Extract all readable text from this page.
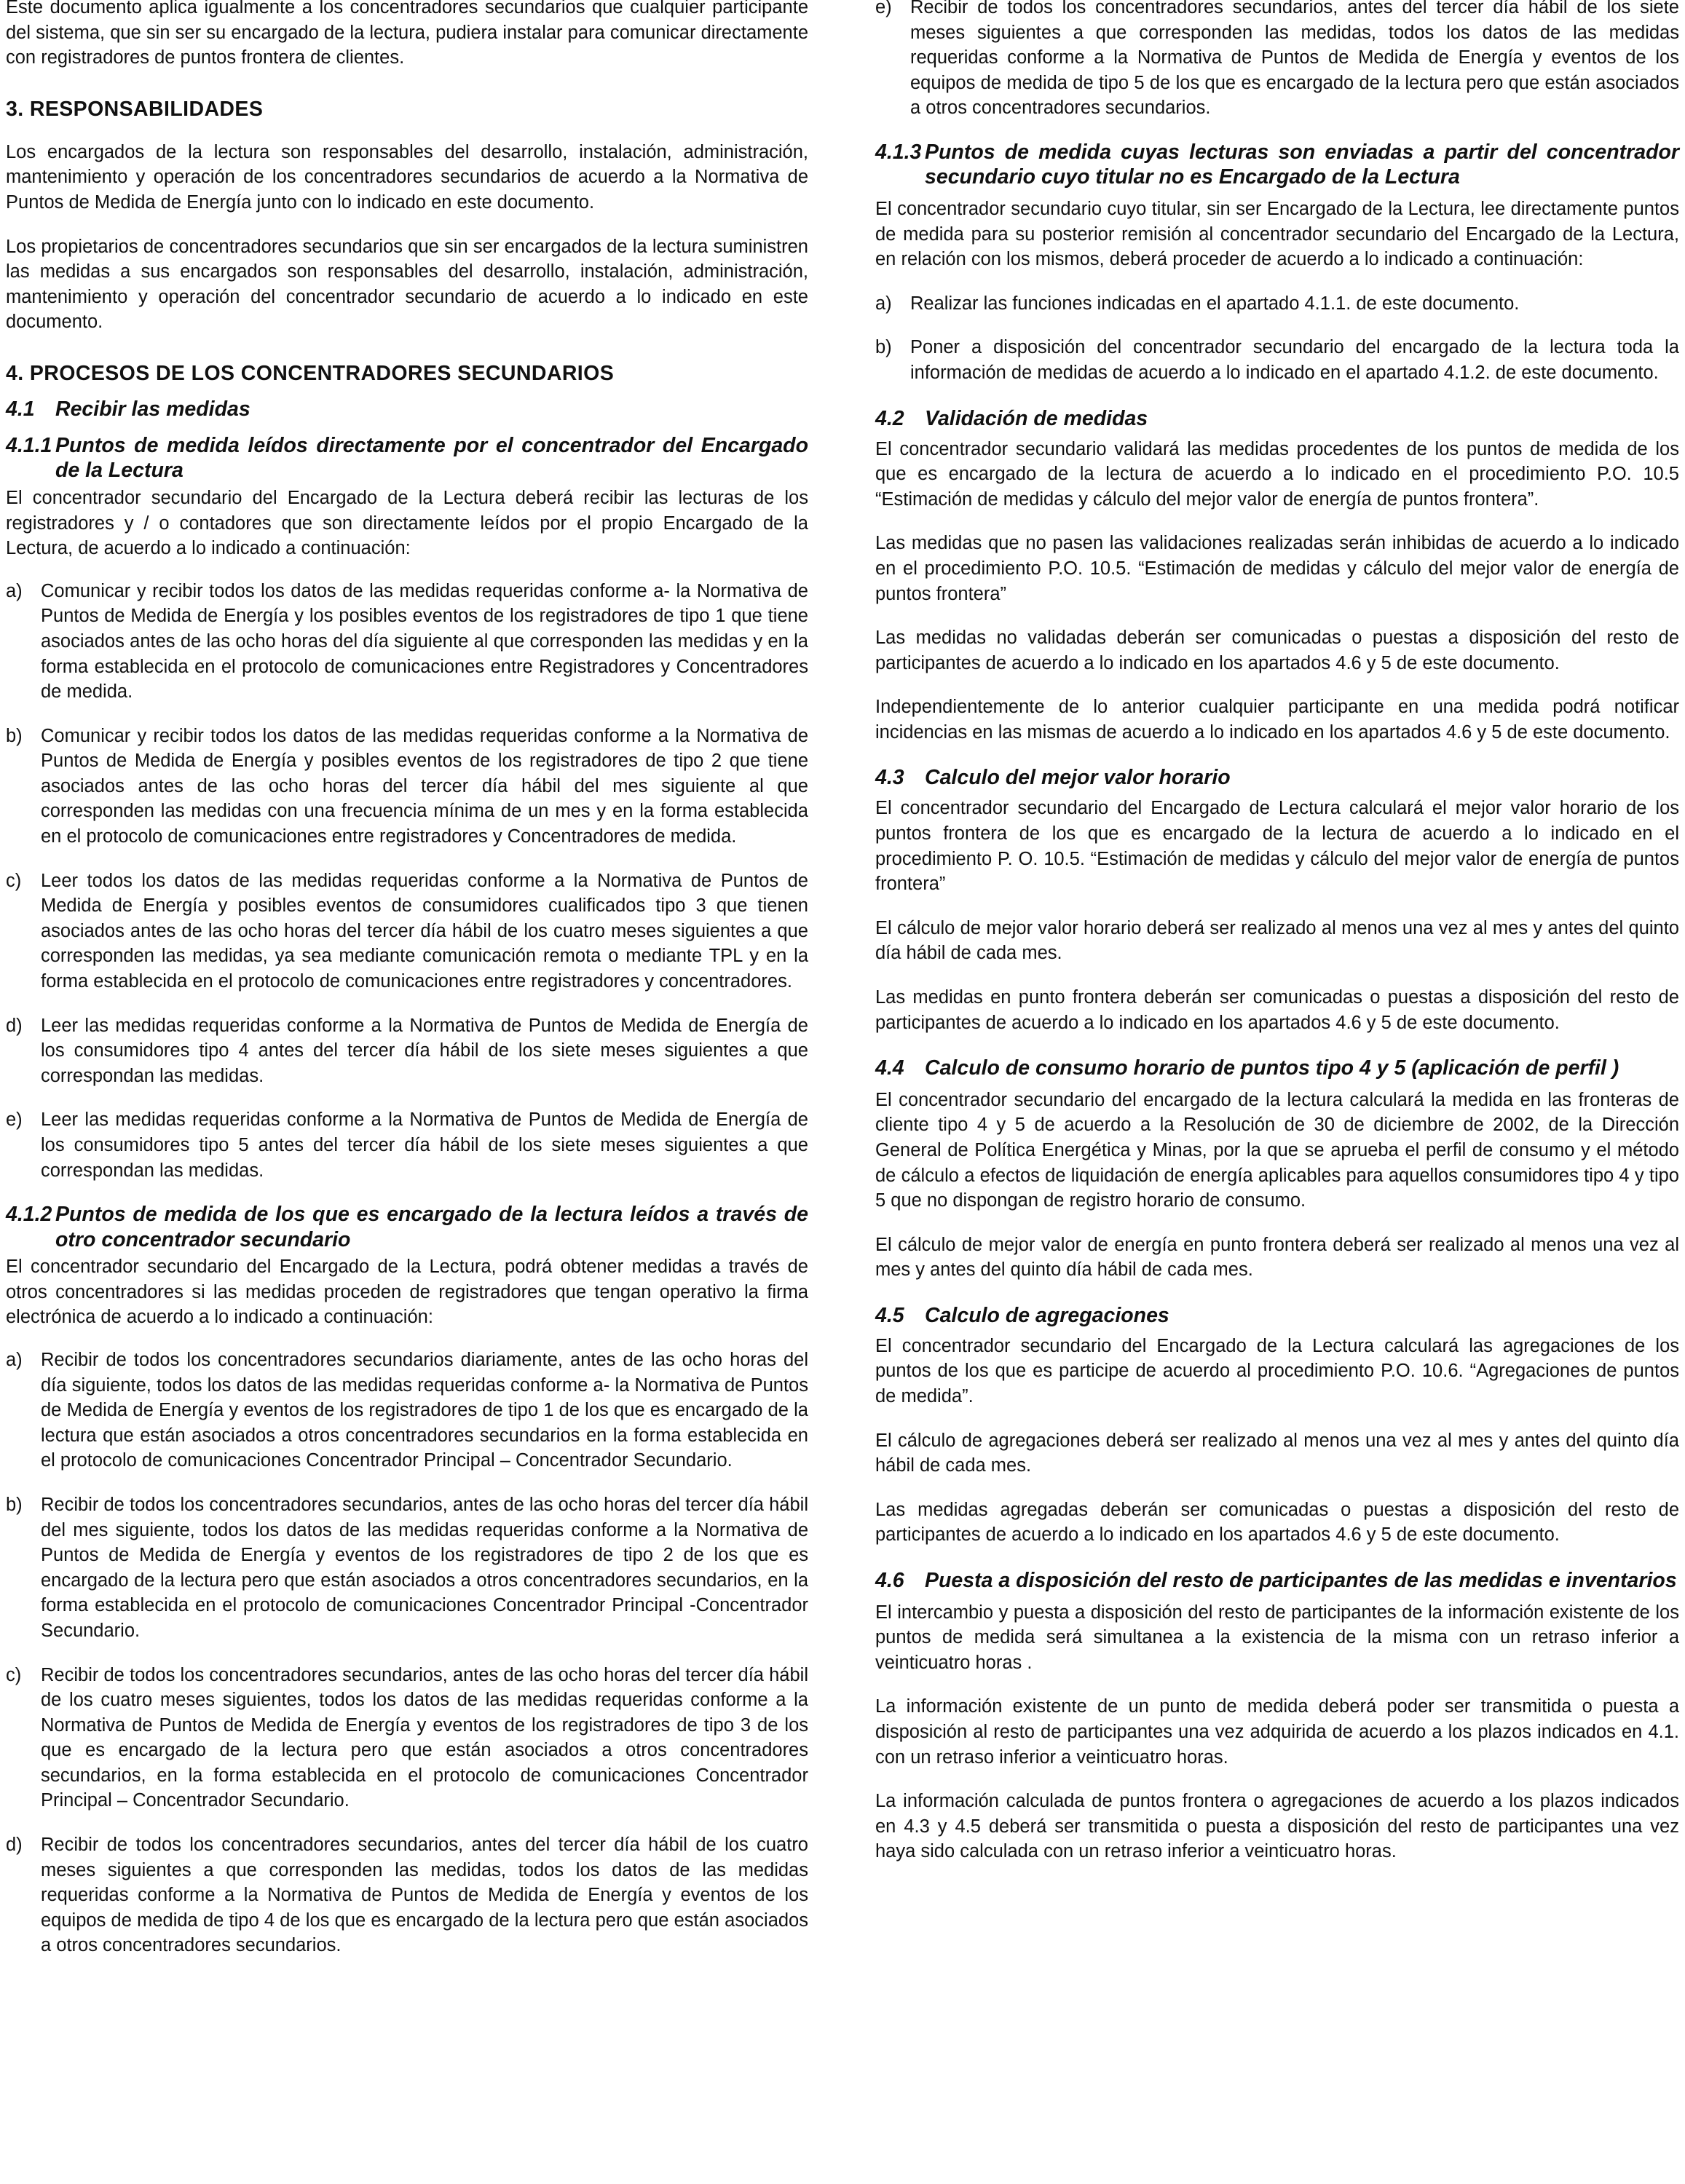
Este documento aplica igualmente a los concentradores secundarios que cualquier participante del sistema, que sin ser su encargado de la lectura, pudiera instalar para comunicar directamente con registradores de puntos frontera de clientes.

3. RESPONSABILIDADES

Los encargados de la lectura son responsables del desarrollo, instalación, administración, mantenimiento y operación de los concentradores secundarios de acuerdo a la Normativa de Puntos de Medida de Energía junto con lo indicado en este documento.

Los propietarios de concentradores secundarios que sin ser encargados de la lectura suministren las medidas a sus encargados son responsables del desarrollo, instalación, administración, mantenimiento y operación del concentrador secundario de acuerdo a lo indicado en este documento.

4. PROCESOS DE LOS CONCENTRADORES SECUNDARIOS
4.1 Recibir las medidas
4.1.1 Puntos de medida leídos directamente por el concentrador del Encargado de la Lectura

El concentrador secundario del Encargado de la Lectura deberá recibir las lecturas de los registradores y / o contadores que son directamente leídos por el propio Encargado de la Lectura, de acuerdo a lo indicado a continuación:

a) Comunicar y recibir todos los datos de las medidas requeridas conforme a- la Normativa de Puntos de Medida de Energía y los posibles eventos de los registradores de tipo 1 que tiene asociados antes de las ocho horas del día siguiente al que corresponden las medidas y en la forma establecida en el protocolo de comunicaciones entre Registradores y Concentradores de medida.

b) Comunicar y recibir todos los datos de las medidas requeridas conforme a la Normativa de Puntos de Medida de Energía y posibles eventos de los registradores de tipo 2 que tiene asociados antes de las ocho horas del tercer día hábil del mes siguiente al que corresponden las medidas con una frecuencia mínima de un mes y en la forma establecida en el protocolo de comunicaciones entre registradores y Concentradores de medida.

c)	Leer todos los datos de las medidas requeridas conforme a la Normativa de Puntos de Medida de Energía y posibles eventos de consumidores cualificados tipo 3 que tienen asociados antes de las ocho horas del tercer día hábil de los cuatro meses siguientes a que corresponden las medidas, ya sea mediante comunicación remota o mediante TPL y en la forma establecida en el protocolo de comunicaciones entre registradores y concentradores.

d) Leer las medidas requeridas conforme a la Normativa de Puntos de Medida de Energía de los consumidores tipo 4 antes del tercer día hábil de los siete meses siguientes a que correspondan las medidas.

e) Leer las medidas requeridas conforme a la Normativa de Puntos de Medida de Energía de los consumidores tipo 5 antes del tercer día hábil de los siete meses siguientes a que correspondan las medidas.

4.1.2 Puntos de medida de los que es encargado de la lectura leídos a través de otro concentrador secundario

El concentrador secundario del Encargado de la Lectura, podrá obtener medidas a través de otros concentradores si las medidas proceden de registradores que tengan operativo la firma electrónica de acuerdo a lo indicado a continuación:

a) Recibir de todos los concentradores secundarios diariamente, antes de las ocho horas del día siguiente, todos los datos de las medidas requeridas conforme a- la Normativa de Puntos de Medida de Energía y eventos de los registradores de tipo 1 de los que es encargado de la lectura que están asociados a otros concentradores secundarios en la forma establecida en el protocolo de comunicaciones Concentrador Principal – Concentrador Secundario.

b) Recibir de todos los concentradores secundarios, antes de las ocho horas del tercer día hábil del mes siguiente, todos los datos de las medidas requeridas conforme a la Normativa de Puntos de Medida de Energía y eventos de los registradores de tipo 2 de los que es encargado de la lectura pero que están asociados a otros concentradores secundarios, en la forma establecida en el protocolo de comunicaciones Concentrador Principal -Concentrador Secundario.

c)	Recibir de todos los concentradores secundarios, antes de las ocho horas del tercer día hábil de los cuatro meses siguientes, todos los datos de las medidas requeridas conforme a la Normativa de Puntos de Medida de Energía y eventos de los registradores de tipo 3 de los que es encargado de la lectura pero que están asociados a otros concentradores secundarios, en la forma establecida en el protocolo de comunicaciones Concentrador Principal – Concentrador Secundario.

d) Recibir de todos los concentradores secundarios, antes del tercer día hábil de los cuatro meses siguientes a que corresponden las medidas, todos los datos de las medidas requeridas conforme a la Normativa de Puntos de Medida de Energía y eventos de los equipos de medida de tipo 4 de los que es encargado de la lectura pero que están asociados a otros concentradores secundarios.

e) Recibir de todos los concentradores secundarios, antes del tercer día hábil de los siete meses siguientes a que corresponden las medidas, todos los datos de las medidas requeridas conforme a la Normativa de Puntos de Medida de Energía y eventos de los equipos de medida de tipo 5 de los que es encargado de la lectura pero que están asociados a otros concentradores secundarios.

4.1.3 Puntos de medida cuyas lecturas son enviadas a partir del concentrador secundario cuyo titular no es Encargado de la Lectura

El concentrador secundario cuyo titular, sin ser Encargado de la Lectura, lee directamente puntos de medida para su posterior remisión al concentrador secundario del Encargado de la Lectura, en relación con los mismos, deberá proceder de acuerdo a lo indicado a continuación:

a) Realizar las funciones indicadas en el apartado 4.1.1. de este documento.

b) Poner a disposición del concentrador secundario del encargado de la lectura toda la información de medidas de acuerdo a lo indicado en el apartado 4.1.2. de este documento.

4.2 Validación de medidas

El concentrador secundario validará las medidas procedentes de los puntos de medida de los que es encargado de la lectura de acuerdo a lo indicado en el procedimiento P.O. 10.5 “Estimación de medidas y cálculo del mejor valor de energía de puntos frontera”.

Las medidas que no pasen las validaciones realizadas serán inhibidas de acuerdo a lo indicado en el procedimiento P.O. 10.5. “Estimación de medidas y cálculo del mejor valor de energía de puntos frontera”

Las medidas no validadas deberán ser comunicadas o puestas a disposición del resto de participantes de acuerdo a lo indicado en los apartados 4.6 y 5 de este documento.

Independientemente de lo anterior cualquier participante en una medida podrá notificar incidencias en las mismas de acuerdo a lo indicado en los apartados 4.6 y 5 de este documento.

4.3 Calculo del mejor valor horario

El concentrador secundario del Encargado de Lectura calculará el mejor valor horario de los puntos frontera de los que es encargado de la lectura de acuerdo a lo indicado en el procedimiento P. O. 10.5. “Estimación de medidas y cálculo del mejor valor de energía de puntos frontera”

El cálculo de mejor valor horario deberá ser realizado al menos una vez al mes y antes del quinto día hábil de cada mes.

Las medidas en punto frontera deberán ser comunicadas o puestas a disposición del resto de participantes de acuerdo a lo indicado en los apartados 4.6 y 5 de este documento.

4.4 Calculo de consumo horario de puntos tipo 4 y 5 (aplicación de perfil )

El concentrador secundario del encargado de la lectura calculará la medida en las fronteras de cliente tipo 4 y 5 de acuerdo a la Resolución de 30 de diciembre de 2002, de la Dirección General de Política Energética y Minas, por la que se aprueba el perfil de consumo y el método de cálculo a efectos de liquidación de energía aplicables para aquellos consumidores tipo 4 y tipo 5 que no dispongan de registro horario de consumo.

El cálculo de mejor valor de energía en punto frontera deberá ser realizado al menos una vez al mes y antes del quinto día hábil de cada mes.

4.5 Calculo de agregaciones

El concentrador secundario del Encargado de la Lectura calculará las agregaciones de los puntos de los que es participe de acuerdo al procedimiento P.O. 10.6. “Agregaciones de puntos de medida”.

El cálculo de agregaciones deberá ser realizado al menos una vez al mes y antes del quinto día hábil de cada mes.

Las medidas agregadas deberán ser comunicadas o puestas a disposición del resto de participantes de acuerdo a lo indicado en los apartados 4.6 y 5 de este documento.

4.6 Puesta a disposición del resto de participantes de las medidas e inventarios

El intercambio y puesta a disposición del resto de participantes de la información existente de los puntos de medida será simultanea a la existencia de la misma con un retraso inferior a veinticuatro horas .

La información existente de un punto de medida deberá poder ser transmitida o puesta a disposición al resto de participantes una vez adquirida de acuerdo a los plazos indicados en 4.1. con un retraso inferior a veinticuatro horas.

La información calculada de puntos frontera o agregaciones de acuerdo a los plazos indicados en 4.3 y 4.5 deberá ser transmitida o puesta a disposición del resto de participantes una vez haya sido calculada con un retraso inferior a veinticuatro horas.
